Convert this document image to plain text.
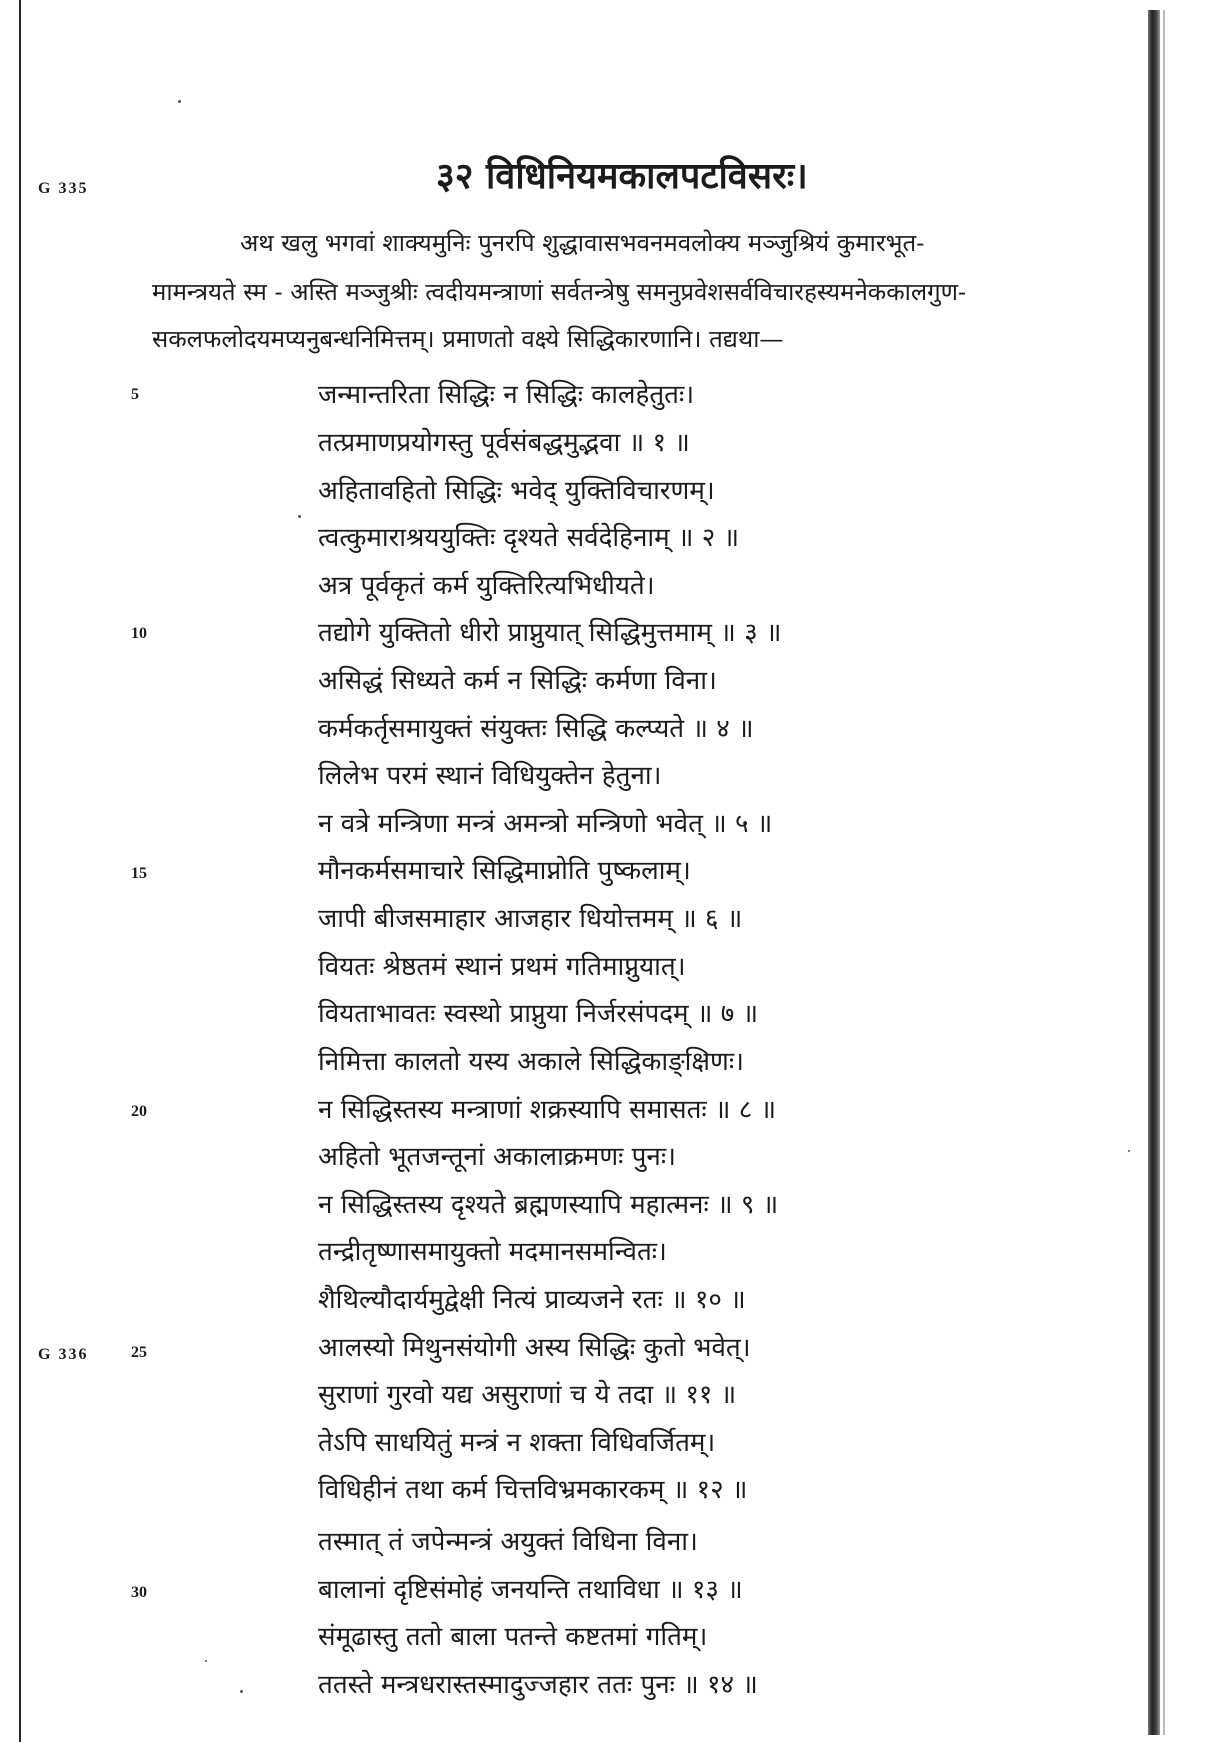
G 335
G 336
5
10
15
20
25
30
३२ विधिनियमकालपटविसरः।
अथ खलु भगवां शाक्यमुनिः पुनरपि शुद्धावासभवनमवलोक्य मञ्जुश्रियं कुमारभूत-
मामन्त्रयते स्म - अस्ति मञ्जुश्रीः त्वदीयमन्त्राणां सर्वतन्त्रेषु समनुप्रवेशसर्वविचारहस्यमनेककालगुण-
सकलफलोदयमप्यनुबन्धनिमित्तम्। प्रमाणतो वक्ष्ये सिद्धिकारणानि। तद्यथा—
जन्मान्तरिता सिद्धिः न सिद्धिः कालहेतुतः।
तत्प्रमाणप्रयोगस्तु पूर्वसंबद्धमुद्भवा ॥ १ ॥
अहितावहितो सिद्धिः भवेद् युक्तिविचारणम्।
त्वत्कुमाराश्रययुक्तिः दृश्यते सर्वदेहिनाम् ॥ २ ॥
अत्र पूर्वकृतं कर्म युक्तिरित्यभिधीयते।
तद्योगे युक्तितो धीरो प्राप्नुयात् सिद्धिमुत्तमाम् ॥ ३ ॥
असिद्धं सिध्यते कर्म न सिद्धिः कर्मणा विना।
कर्मकर्तृसमायुक्तं संयुक्तः सिद्धि कल्प्यते ॥ ४ ॥
लिलेभ परमं स्थानं विधियुक्तेन हेतुना।
न वत्रे मन्त्रिणा मन्त्रं अमन्त्रो मन्त्रिणो भवेत् ॥ ५ ॥
मौनकर्मसमाचारे सिद्धिमाप्नोति पुष्कलाम्।
जापी बीजसमाहार आजहार धियोत्तमम् ॥ ६ ॥
वियतः श्रेष्ठतमं स्थानं प्रथमं गतिमाप्नुयात्।
वियताभावतः स्वस्थो प्राप्नुया निर्जरसंपदम् ॥ ७ ॥
निमित्ता कालतो यस्य अकाले सिद्धिकाङ्क्षिणः।
न सिद्धिस्तस्य मन्त्राणां शक्रस्यापि समासतः ॥ ८ ॥
अहितो भूतजन्तूनां अकालाक्रमणः पुनः।
न सिद्धिस्तस्य दृश्यते ब्रह्मणस्यापि महात्मनः ॥ ९ ॥
तन्द्रीतृष्णासमायुक्तो मदमानसमन्वितः।
शैथिल्यौदार्यमुद्वेक्षी नित्यं प्राव्यजने रतः ॥ १० ॥
आलस्यो मिथुनसंयोगी अस्य सिद्धिः कुतो भवेत्।
सुराणां गुरवो यद्य असुराणां च ये तदा ॥ ११ ॥
तेऽपि साधयितुं मन्त्रं न शक्ता विधिवर्जितम्।
विधिहीनं तथा कर्म चित्तविभ्रमकारकम् ॥ १२ ॥
तस्मात् तं जपेन्मन्त्रं अयुक्तं विधिना विना।
बालानां दृष्टिसंमोहं जनयन्ति तथाविधा ॥ १३ ॥
संमूढास्तु ततो बाला पतन्ते कष्टतमां गतिम्।
ततस्ते मन्त्रधरास्तस्मादुज्जहार ततः पुनः ॥ १४ ॥
